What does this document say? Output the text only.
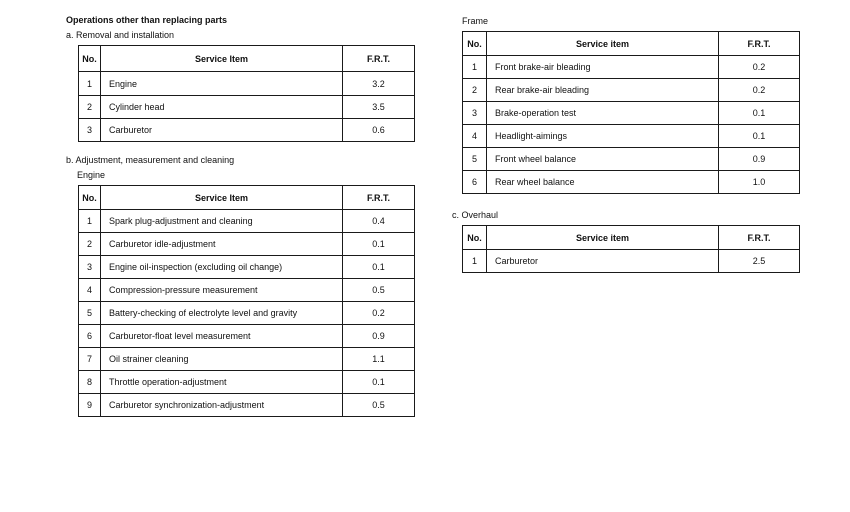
Operations other than replacing parts
a. Removal and installation
b. Adjustment, measurement and cleaning
Engine
Frame
c. Overhaul
No.	Service Item	F.R.T.
1	Engine	3.2
2	Cylinder head	3.5
3	Carburetor	0.6
No.	Service Item	F.R.T.
1	Spark plug-adjustment and cleaning	0.4
2	Carburetor idle-adjustment	0.1
3	Engine oil-inspection (excluding oil change)	0.1
4	Compression-pressure measurement	0.5
5	Battery-checking of electrolyte level and gravity	0.2
6	Carburetor-float level measurement	0.9
7	Oil strainer cleaning	1.1
8	Throttle operation-adjustment	0.1
9	Carburetor synchronization-adjustment	0.5
No.	Service item	F.R.T.
1	Front brake-air bleading	0.2
2	Rear brake-air bleading	0.2
3	Brake-operation test	0.1
4	Headlight-aimings	0.1
5	Front wheel balance	0.9
6	Rear wheel balance	1.0
No.	Service item	F.R.T.
1	Carburetor	2.5
